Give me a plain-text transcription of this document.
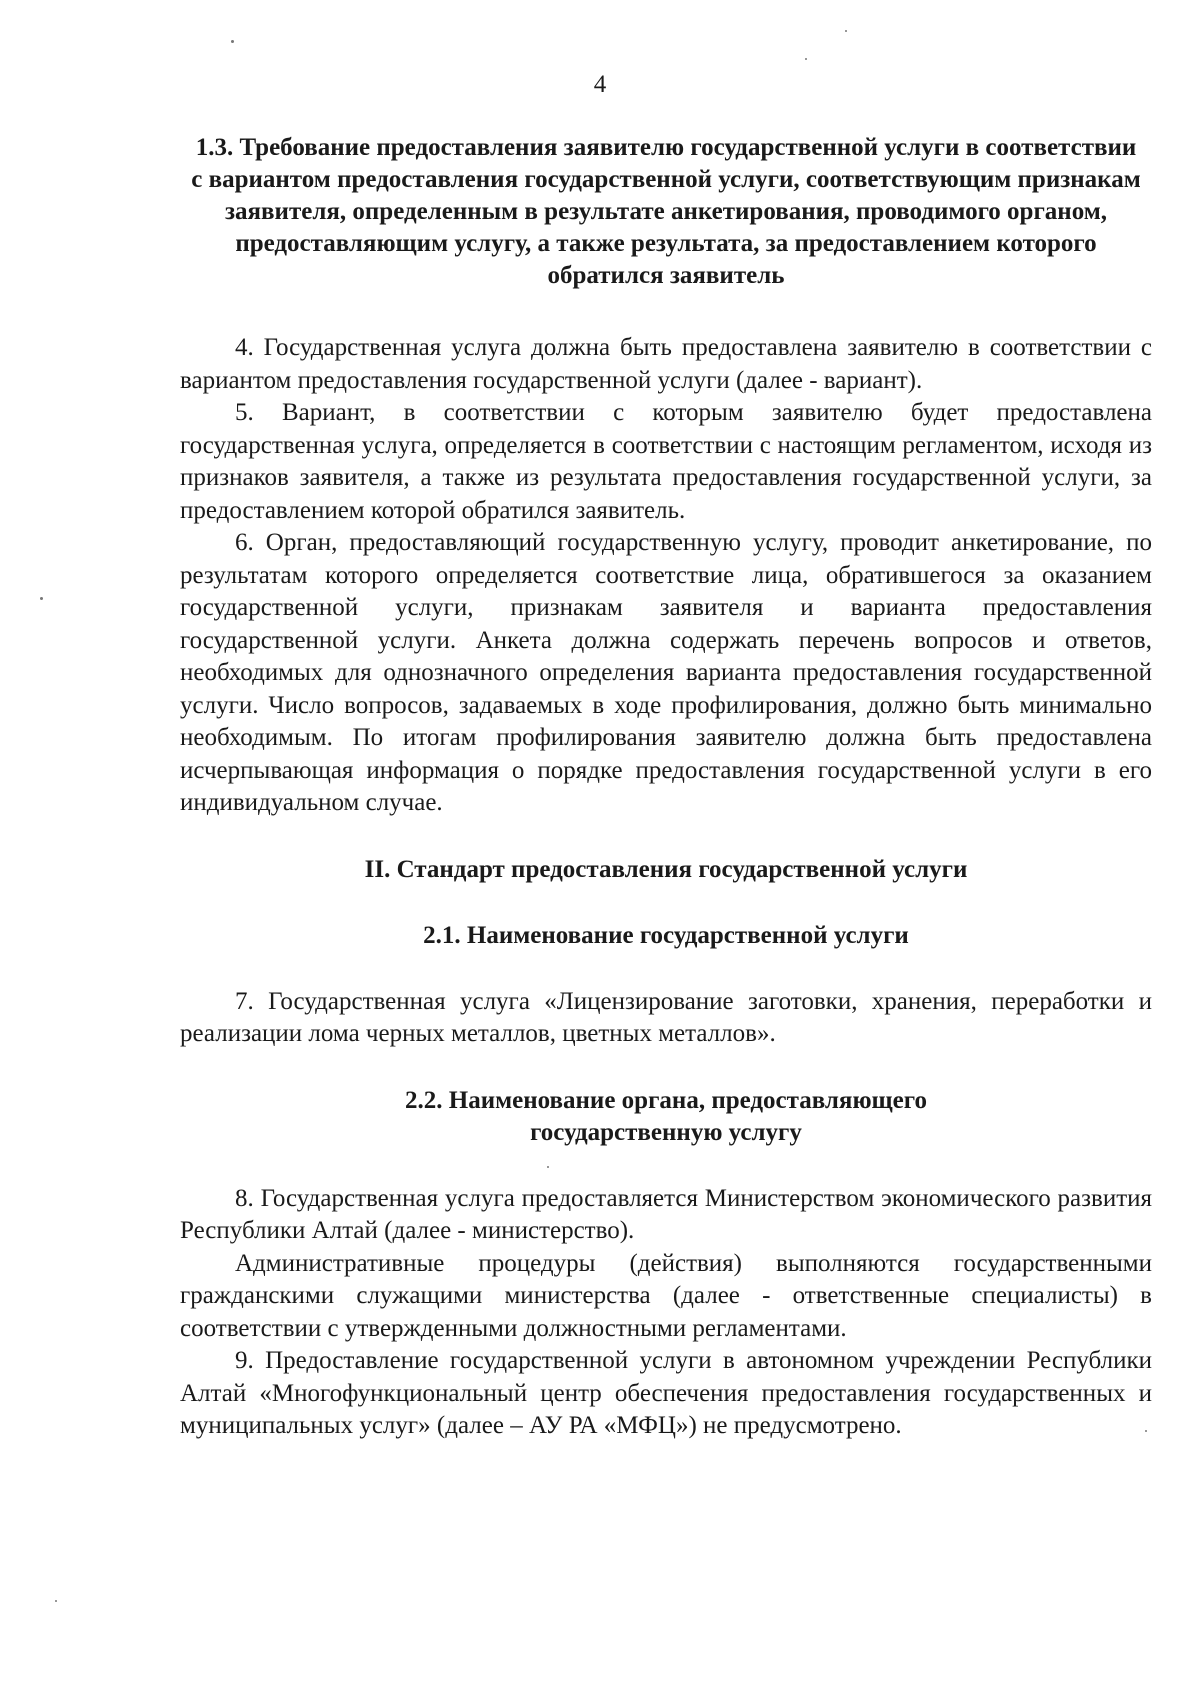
4
1.3. Требование предоставления заявителю государственной услуги в соответствии с вариантом предоставления государственной услуги, соответствующим признакам заявителя, определенным в результате анкетирования, проводимого органом, предоставляющим услугу, а также результата, за предоставлением которого обратился заявитель

4. Государственная услуга должна быть предоставлена заявителю в соответствии с вариантом предоставления государственной услуги (далее - вариант).

5. Вариант, в соответствии с которым заявителю будет предоставлена государственная услуга, определяется в соответствии с настоящим регламентом, исходя из признаков заявителя, а также из результата предоставления государственной услуги, за предоставлением которой обратился заявитель.

6. Орган, предоставляющий государственную услугу, проводит анкетирование, по результатам которого определяется соответствие лица, обратившегося за оказанием государственной услуги, признакам заявителя и варианта предоставления государственной услуги. Анкета должна содержать перечень вопросов и ответов, необходимых для однозначного определения варианта предоставления государственной услуги. Число вопросов, задаваемых в ходе профилирования, должно быть минимально необходимым. По итогам профилирования заявителю должна быть предоставлена исчерпывающая информация о порядке предоставления государственной услуги в его индивидуальном случае.

II. Стандарт предоставления государственной услуги
2.1. Наименование государственной услуги

7. Государственная услуга «Лицензирование заготовки, хранения, переработки и реализации лома черных металлов, цветных металлов».

2.2. Наименование органа, предоставляющего
государственную услугу

8. Государственная услуга предоставляется Министерством экономического развития Республики Алтай (далее - министерство).

Административные процедуры (действия) выполняются государственными гражданскими служащими министерства (далее - ответственные специалисты) в соответствии с утвержденными должностными регламентами.

9. Предоставление государственной услуги в автономном учреждении Республики Алтай «Многофункциональный центр обеспечения предоставления государственных и муниципальных услуг» (далее – АУ РА «МФЦ») не предусмотрено.
